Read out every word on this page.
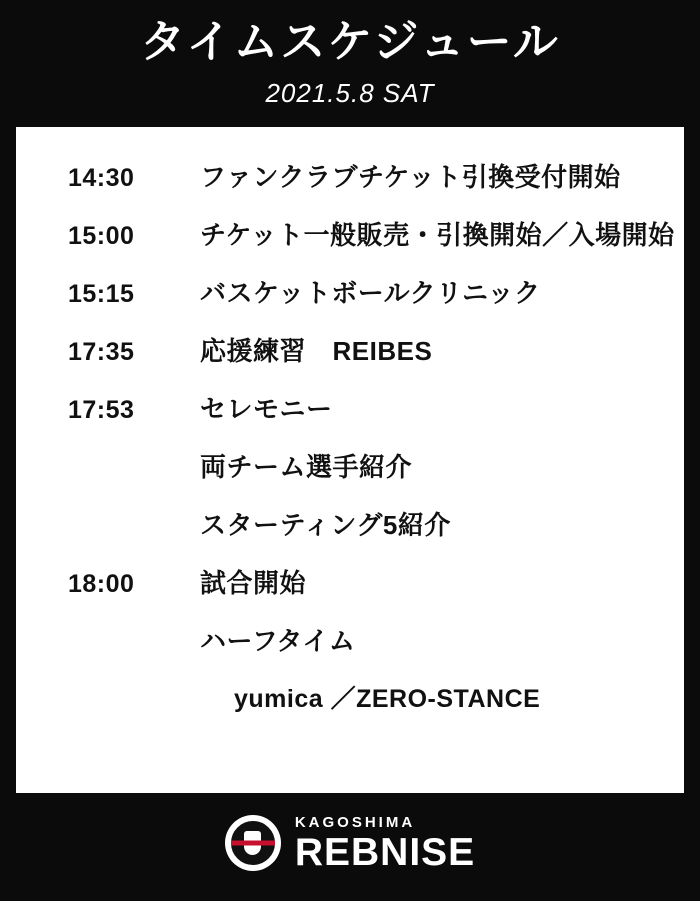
タイムスケジュール
2021.5.8 SAT
14:30	ファンクラブチケット引換受付開始
15:00	チケット一般販売・引換開始／入場開始
15:15	バスケットボールクリニック
17:35	応援練習　REIBES
17:53	セレモニー
両チーム選手紹介
スターティング5紹介
18:00	試合開始
ハーフタイム
yumica ／ZERO-STANCE
KAGOSHIMA
REBNISE
